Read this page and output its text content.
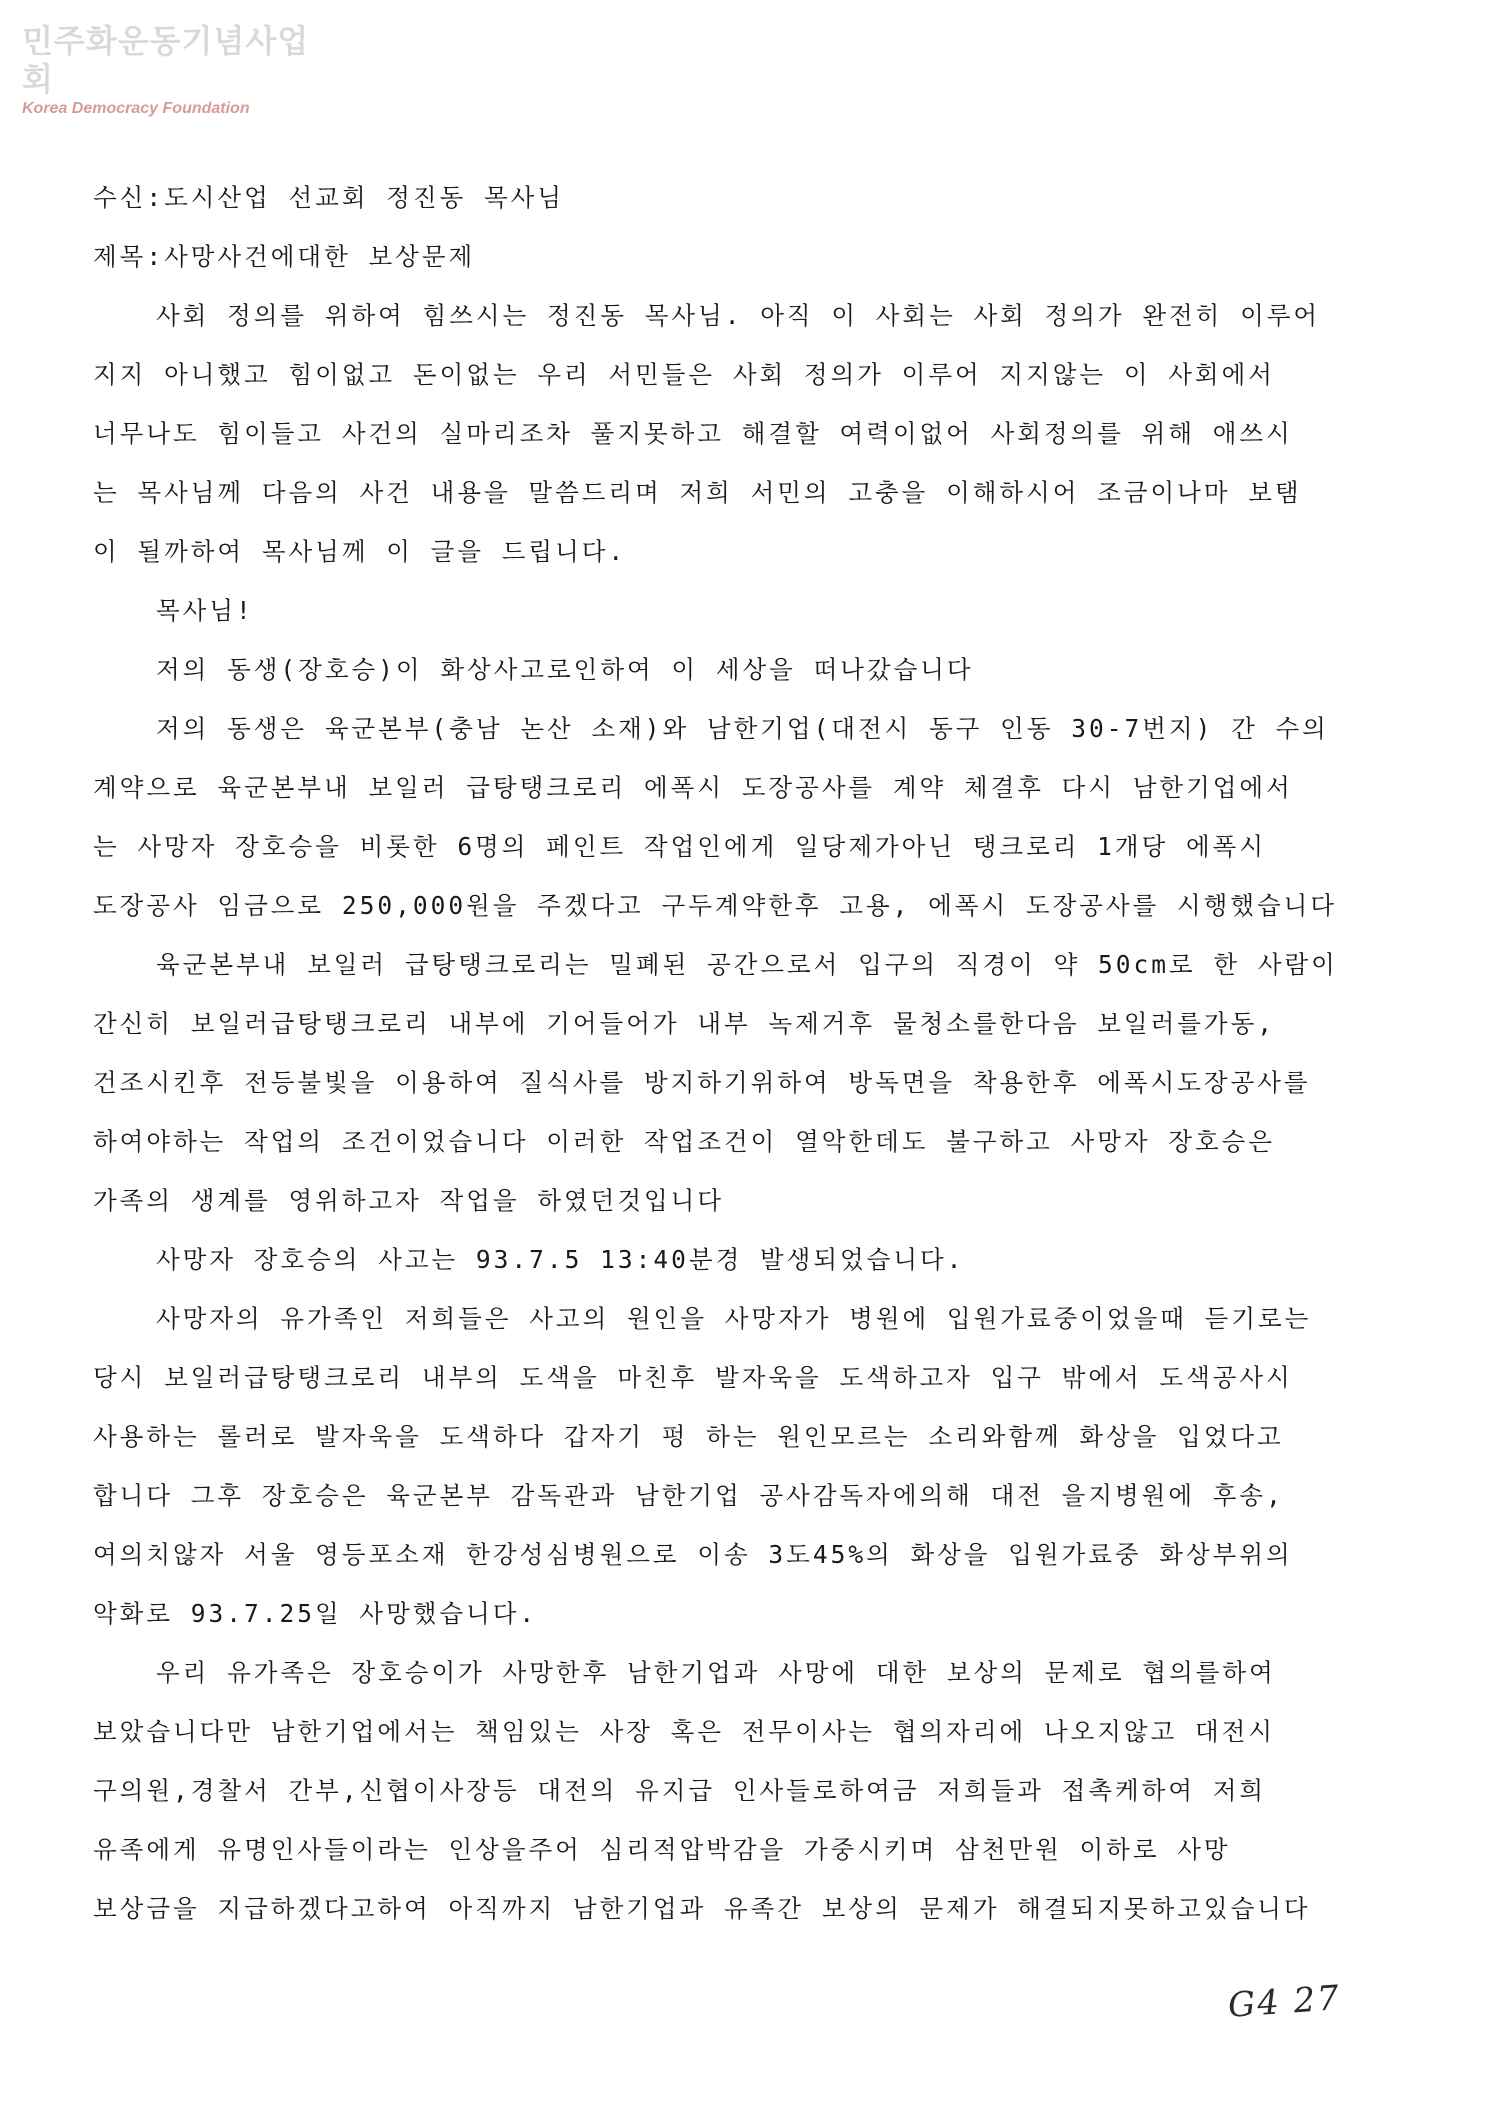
민주화운동기념사업회
Korea Democracy Foundation
수신:도시산업 선교회 정진동 목사님
제목:사망사건에대한 보상문제
사회 정의를 위하여 힘쓰시는 정진동 목사님. 아직 이 사회는 사회 정의가 완전히 이루어
지지 아니했고 힘이없고 돈이없는 우리 서민들은 사회 정의가 이루어 지지않는 이 사회에서
너무나도 힘이들고 사건의 실마리조차 풀지못하고 해결할 여력이없어 사회정의를 위해 애쓰시
는 목사님께 다음의 사건 내용을 말씀드리며 저희 서민의 고충을 이해하시어 조금이나마 보탬
이 될까하여 목사님께 이 글을 드립니다.
목사님!
저의 동생(장호승)이 화상사고로인하여 이 세상을 떠나갔습니다
저의 동생은 육군본부(충남 논산 소재)와 남한기업(대전시 동구 인동 30-7번지) 간 수의
계약으로 육군본부내 보일러 급탕탱크로리 에폭시 도장공사를 계약 체결후 다시 남한기업에서
는 사망자 장호승을 비롯한 6명의 페인트 작업인에게 일당제가아닌 탱크로리 1개당 에폭시
도장공사 임금으로 250,000원을 주겠다고 구두계약한후 고용, 에폭시 도장공사를 시행했습니다
육군본부내 보일러 급탕탱크로리는 밀폐된 공간으로서 입구의 직경이 약 50cm로 한 사람이
간신히 보일러급탕탱크로리 내부에 기어들어가 내부 녹제거후 물청소를한다음 보일러를가동,
건조시킨후 전등불빛을 이용하여 질식사를 방지하기위하여 방독면을 착용한후 에폭시도장공사를
하여야하는 작업의 조건이었습니다 이러한 작업조건이 열악한데도 불구하고 사망자 장호승은
가족의 생계를 영위하고자 작업을 하였던것입니다
사망자 장호승의 사고는 93.7.5 13:40분경 발생되었습니다.
사망자의 유가족인 저희들은 사고의 원인을 사망자가 병원에 입원가료중이었을때 듣기로는
당시 보일러급탕탱크로리 내부의 도색을 마친후 발자욱을 도색하고자 입구 밖에서 도색공사시
사용하는 롤러로 발자욱을 도색하다 갑자기 펑 하는 원인모르는 소리와함께 화상을 입었다고
합니다 그후 장호승은 육군본부 감독관과 남한기업 공사감독자에의해 대전 을지병원에 후송,
여의치않자 서울 영등포소재 한강성심병원으로 이송 3도45%의 화상을 입원가료중 화상부위의
악화로 93.7.25일 사망했습니다.
우리 유가족은 장호승이가 사망한후 남한기업과 사망에 대한 보상의 문제로 협의를하여
보았습니다만 남한기업에서는 책임있는 사장 혹은 전무이사는 협의자리에 나오지않고 대전시
구의원,경찰서 간부,신협이사장등 대전의 유지급 인사들로하여금 저희들과 접촉케하여 저희
유족에게 유명인사들이라는 인상을주어 심리적압박감을 가중시키며 삼천만원 이하로 사망
보상금을 지급하겠다고하여 아직까지 남한기업과 유족간 보상의 문제가 해결되지못하고있습니다
G4 27
